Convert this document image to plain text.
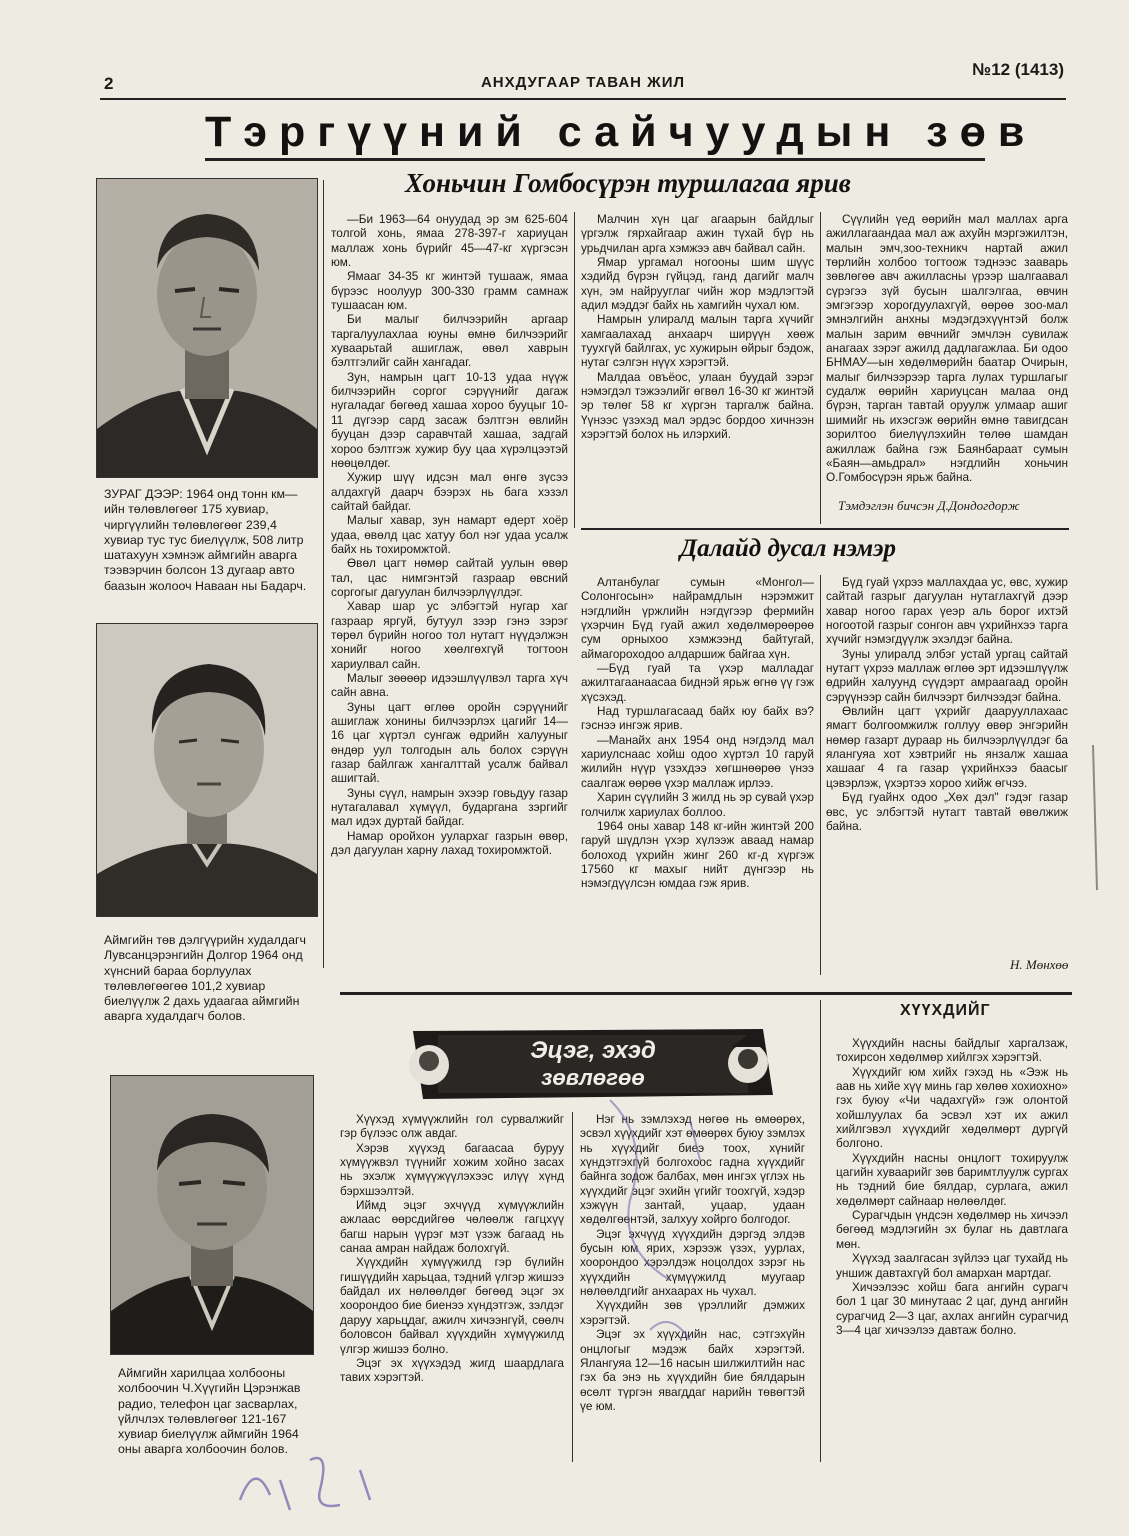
2	АНХДУГААР ТАВАН ЖИЛ
№12 (1413)
Тэргүүний сайчуудын зөв
ЗУРАГ ДЭЭР: 1964 онд тонн км—ийн төлөвлөгөөг 175 хувиар, чиргүүлийн төлөвлөгөөг 239,4 хувиар тус тус биелүүлж, 508 литр шатахуун хэмнэж аймгийн аварга тээвэрчин болсон 13 дугаар авто баазын жолооч Наваан ны Бадарч.
Аймгийн төв дэлгүүрийн худалдагч Лувсанцэрэнгийн Долгор 1964 онд хүнсний бараа борлуулах төлөвлөгөөгөө 101,2 хувиар биелүүлж 2 дахь удаагаа аймгийн аварга худалдагч болов.
Аймгийн харилцаа холбооны холбоочин Ч.Хүүгийн Цэрэнжав радио, телефон цаг засварлах, үйлчлэх төлөвлөгөөг 121-167 хувиар биелүүлж аймгийн 1964 оны аварга холбоочин болов.
Хоньчин Гомбосүрэн туршлагаа ярив

—Би 1963—64 онуудад эр эм 625-604 толгой хонь, ямаа 278-397-г хариуцан маллаж хонь бүрийг 45—47-кг хүргэсэн юм.

Ямааг 34-35 кг жинтэй тушааж, ямаа бүрээс ноолуур 300-330 грамм самнаж тушаасан юм.

Би малыг билчээрийн аргаар таргалуулахлаа юуны өмнө билчээрийг хуваарьтай ашиглаж, өвөл хаврын бэлтгэлийг сайн хангадаг.

Зун, намрын цагт 10-13 удаа нүүж билчээрийн соргог сэрүүнийг дагаж нугаладаг бөгөөд хашаа хороо бууцыг 10-11 дүгээр сард засаж бэлтгэн өвлийн бууцан дээр саравчтай хашаа, задгай хороо бэлтгэж хужир буу цаа хүрэлцээтэй нөөцөлдөг.

Хужир шүү идсэн мал өнгө зүсээ алдахгүй даарч бээрэх нь бага хэзэл сайтай байдаг.

Малыг хавар, зун намарт өдерт хоёр удаа, өвөлд цас хатуу бол нэг удаа усалж байх нь тохиромжтой.

Өвөл цагт нөмөр сайтай уулын өвөр тал, цас нимгэнтэй газраар өвсний соргогыг дагуулан билчээрлүүлдэг.

Хавар шар ус элбэгтэй нугар хаг газраар яргуй, бутуул зээр гэнэ зэрэг төрөл бүрийн ногоо тол нутагт нүүдэлжэн хонийг ногоо хөөлгөхгүй тогтоон хариулвал сайн.

Малыг зөөөөр идээшлүүлвэл тарга хүч сайн авна.

Зуны цагт өглөө оройн сэрүүнийг ашиглаж хонины билчээрлэх цагийг 14—16 цаг хүртэл сунгаж өдрийн халууныг өндөр уул толгодын аль болох сэрүүн газар байлгаж хангалттай усалж байвал ашигтай.

Зуны сүүл, намрын эхээр говьдуу газар нутагалавал хүмүүл, бударгана зэргийг мал идэх дуртай байдаг.

Намар оройхон уулархаг газрын өвөр, дэл дагуулан харну лахад тохиромжтой.

Малчин хүн цаг агаарын байдлыг үргэлж гярхайгаар ажин түхай бүр нь урьдчилан арга хэмжээ авч байвал сайн.

Ямар ургамал ногооны шим шүүс хэдийд бүрэн гүйцэд, ганд дагийг малч хүн, эм найрууглаг чийн жор мэдлэгтэй адил мэддэг байх нь хамгийн чухал юм.

Намрын улиралд малын тарга хүчийг хамгаалахад анхаарч ширүүн хөөж туухгүй байлгах, ус хужирын өйрыг бэдож, нутаг сэлгэн нүүх хэрэгтэй.

Малдаа овъёос, улаан буудай зэрэг нэмэгдэл тэжээлийг өгвөл 16-30 кг жинтэй эр төлөг 58 кг хүргэн таргалж байна. Үүнээс үзэхэд мал эрдэс бордоо хичнээн хэрэгтэй болох нь илэрхий.

Сүүлийн үед өөрийн мал маллах арга ажиллагаандаа мал аж ахуйн мэргэжилтэн, малын эмч,зоо-техникч нартай ажил төрлийн холбоо тогтоож тэднээс зааварь зөвлөгөө авч ажилласны үрээр шалгаавал сүрэгээ зүй бусын шалгэлгаа, өвчин эмгэгээр хорогдуулахгүй, өөрөө зоо-мал эмнэлгийн анхны мэдэгдэхүүнтэй болж малын зарим өвчнийг эмчлэн сувилаж анагаах зэрэг ажилд дадлагажлаа. Би одоо БНМАУ—ын хөдөлмөрийн баатар Очирын, малыг билчээрээр тарга лулах туршлагыг судалж өөрийн хариуцсан малаа онд бүрэн, тарган тавтай оруулж улмаар ашиг шимийг нь ихэсгэж өөрийн өмнө тавигдсан зорилтоо биелүүлэхийн төлөө шамдан ажиллаж байна гэж Баянбараат сумын «Баян—амьдрал» нэгдлийн хоньчин О.Гомбосүрэн ярьж байна.

Тэмдэглэн бичсэн Д.Дондогдорж
Далайд дусал нэмэр

Алтанбулаг сумын «Монгол—Солонгосын» найрамдлын нэрэмжит нэгдлийн үржлийн нэгдүгээр фермийн үхэрчин Бүд гуай ажил хөдөлмөрөөрөө сум орныхоо хэмжээнд байтугай, аймагороходоо алдаршиж байгаа хүн.

—Бүд гуай та үхэр малладаг ажилтагаанаасаа биднэй ярьж өгнө үү гэж хүсэхэд.

Над туршлагасаад байх юу байх вэ? гэснээ ингэж ярив.

—Манайх анх 1954 онд нэгдэлд мал хариулснаас хойш одоо хүртэл 10 гаруй жилийн нүүр үзэхдээ хөгшнөөрөө үнээ саалгаж өөрөө үхэр маллаж ирлээ.

Харин сүүлийн 3 жилд нь эр сувай үхэр голчилж хариулах боллоо.

1964 оны хавар 148 кг-ийн жинтэй 200 гаруй шүдлэн үхэр хүлээж аваад намар болоход үхрийн жинг 260 кг-д хүргэж 17560 кг махыг нийт дүнгээр нь нэмэгдүүлсэн юмдаа гэж ярив.

Бүд гуай үхрээ маллахдаа ус, өвс, хужир сайтай газрыг дагуулан нутаглахгүй дээр хавар ногоо гарах үеэр аль борог ихтэй ногоотой газрыг сонгон авч үхрийнхээ тарга хүчийг нэмэгдүүлж эхэлдэг байна.

Зуны улиралд элбэг устай ургац сайтай нутагт үхрээ маллаж өглөө эрт идээшлүүлж өдрийн халуунд сүүдэрт амраагаад оройн сэрүүнээр сайн билчээрт билчээдэг байна.

Өвлийн цагт үхрийг даарууллахаас ямагт болгоомжилж голлуу өвөр энгэрийн нөмөр газарт дураар нь билчээрлүүлдэг ба ялангуяа хот хэвтрийг нь янзалж хашаа хашааг 4 га газар үхрийнхээ баасыг цэвэрлэж, үхэртээ хороо хийж өгчээ.

Бүд гуайнх одоо „Хөх дэл" гэдэг газар өвс, ус элбэгтэй нутагт тавтай өвөлжиж байна.

Н. Мөнхөө
Эцэг, эхэд
зөвлөгөө

Хүүхэд хүмүүжлийн гол сурвалжийг гэр бүлээс олж авдаг.

Хэрэв хүүхэд багаасаа буруу хүмүүжвэл түүнийг хожим хойно засах нь эхэлж хүмүүжүүлэхээс илүү хүнд бэрхшээлтэй.

Иймд эцэг эхчүүд хүмүүжлийн ажлаас өөрсдийгөө чөлөөлж гагцхүү багш нарын үүрэг мэт үзэж багаад нь санаа амран найдаж болохгүй.

Хүүхдийн хүмүүжилд гэр бүлийн гишүүдийн харьцаа, тэдний үлгэр жишээ байдал их нөлөөлдөг бөгөөд эцэг эх хоорондоо бие биенээ хүндэтгэж, зэлдэг даруу харьцдаг, ажилч хичээнгүй, сөөлч боловсон байвал хүүхдийн хүмүүжилд үлгэр жишээ болно.

Эцэг эх хүүхэдэд жигд шаардлага тавих хэрэгтэй.

Нэг нь зэмлэхэд нөгөө нь өмөөрөх, эсвэл хүүхдийг хэт өмөөрөх буюу зэмлэх нь хүүхдийг биеэ тоох, хүнийг хүндэтгэхгүй болгохоос гадна хүүхдийг байнга зодож балбах, мөн ингэх үглэх нь хүүхдийг эцэг эхийн үгийг тоохгүй, хэдэр хэжүүн зантай, уцаар, удаан хөдөлгөөнтэй, залхуу хойрго болгодог.

Эцэг эхчүүд хүүхдийн дэргэд элдэв бусын юм ярих, хэрээж үзэх, уурлах, хоорондоо хэрэлдэж ноцолдох зэрэг нь хүүхдийн хүмүүжилд муугаар нөлөөлдгийг анхаарах нь чухал.

Хүүхдийн зөв үрэллийг дэмжих хэрэгтэй.

Эцэг эх хүүхдийн нас, сэтгэхүйн онцлогыг мэдэж байх хэрэгтэй. Ялангуяа 12—16 насын шилжилтийн нас гэх ба энэ нь хүүхдийн бие бялдарын өсөлт түргэн явагддаг нарийн төвөгтэй үе юм.

ХҮҮХДИЙГ

Хүүхдийн насны байдлыг харгалзаж, тохирсон хөдөлмөр хийлгэх хэрэгтэй.

Хүүхдийг юм хийх гэхэд нь «Ээж нь аав нь хийе хүү минь гар хөлөө хохиохно» гэх буюу «Чи чадахгүй» гэж олонтой хойшлуулах ба эсвэл хэт их ажил хийлгэвэл хүүхдийг хөдөлмөрт дургүй болгоно.

Хүүхдийн насны онцлогт тохируулж цагийн хуваарийг зөв баримтлуулж сургах нь тэдний бие бялдар, сурлага, ажил хөдөлмөрт сайнаар нөлөөлдөг.

Сурагчдын үндсэн хөдөлмөр нь хичээл бөгөөд мэдлэгийн эх булаг нь давтлага мөн.

Хүүхэд заалгасан зүйлээ цаг тухайд нь уншиж давтахгүй бол амархан мартдаг.

Хичээлээс хойш бага ангийн сурагч бол 1 цаг 30 минутаас 2 цаг, дунд ангийн сурагчид 2—3 цаг, ахлах ангийн сурагчид 3—4 цаг хичээлээ давтаж болно.
